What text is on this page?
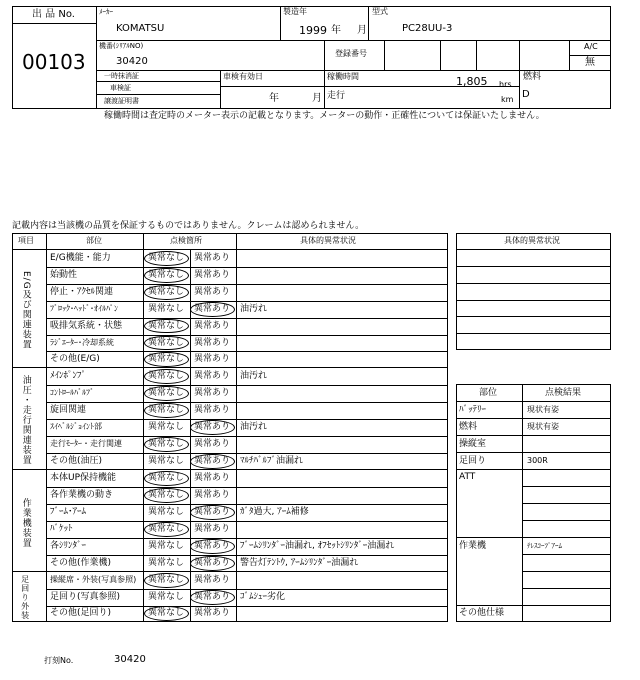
出 品 No.
00103
ﾒｰｶｰ
KOMATSU
製造年
1999 年 月
型式
PC28UU-3
機番(ｼﾘｱﾙNO)
30420
登録番号
A/C
無
一時抹消証
車検証
譲渡証明書
車検有効日
年	月
稼働時間	1,805 hrs
走行	km
燃料
D
稼働時間は査定時のメーター表示の記載となります。メーターの動作・正確性については保証いたしません。
記載内容は当該機の品質を保証するものではありません。クレームは認められません。
項目	部位	点検箇所	具体的異常状況
E/G及び関連装置
油圧・走行関連装置
作業機装置
足回り外装
E/G機能・能力	異常なし 異常あり
始動性	異常なし 異常あり
停止・ｱｸｾﾙ関連	異常なし 異常あり
ﾌﾞﾛｯｸ･ﾍｯﾄﾞ･ｵｲﾙﾊﾟﾝ	異常なし 異常あり 油汚れ
吸排気系統・状態	異常なし 異常あり
ﾗｼﾞｴｰﾀｰ･冷却系統	異常なし 異常あり
その他(E/G)	異常なし 異常あり
ﾒｲﾝﾎﾟﾝﾌﾟ	異常なし 異常あり 油汚れ
ｺﾝﾄﾛｰﾙﾊﾞﾙﾌﾞ	異常なし 異常あり
旋回関連	異常なし 異常あり
ｽｲﾍﾞﾙｼﾞｮｲﾝﾄ部	異常なし 異常あり 油汚れ
走行ﾓｰﾀｰ・走行関連	異常なし 異常あり
その他(油圧)	異常なし 異常あり ﾏﾙﾁﾊﾞﾙﾌﾞ油漏れ
本体UP保持機能	異常なし 異常あり
各作業機の動き	異常なし 異常あり
ﾌﾞｰﾑ･ｱｰﾑ	異常なし 異常あり ｶﾞﾀ過大, ｱｰﾑ補修
ﾊﾞｹｯﾄ	異常なし 異常あり
各ｼﾘﾝﾀﾞｰ	異常なし 異常あり ﾌﾞｰﾑｼﾘﾝﾀﾞｰ油漏れ, ｵﾌｾｯﾄｼﾘﾝﾀﾞｰ油漏れ
その他(作業機)	異常なし 異常あり 警告灯ﾃﾝﾄｳ, ｱｰﾑｼﾘﾝﾀﾞｰ油漏れ
操縦席・外装(写真参照) 異常なし 異常あり
足回り(写真参照)	異常なし 異常あり ｺﾞﾑｼｭｰ劣化
その他(足回り)	異常なし 異常あり
具体的異常状況
部位	点検結果
ﾊﾞｯﾃﾘｰ	現状有姿
燃料	現状有姿
操縦室
足回り	300R
ATT
作業機	ﾃﾚｽｺｰﾌﾟｱｰﾑ
その他仕様
打刻No.	30420
